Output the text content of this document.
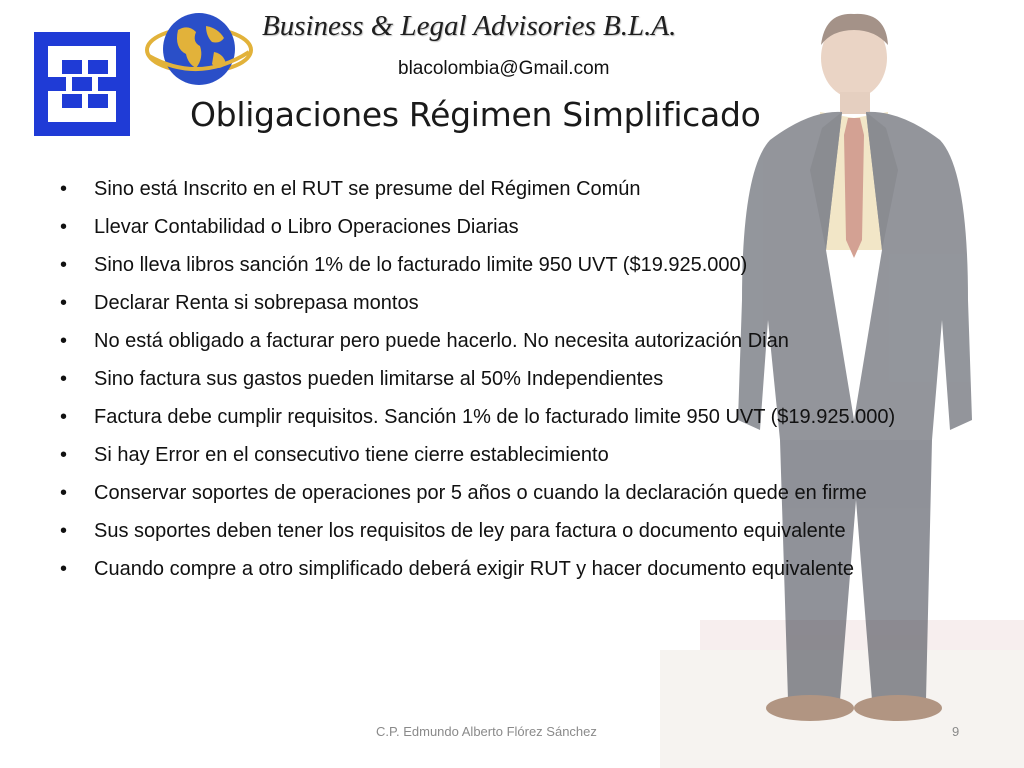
Business & Legal Advisories B.L.A.
blacolombia@Gmail.com
Obligaciones Régimen Simplificado
• Sino está Inscrito en el RUT se presume del Régimen Común
• Llevar Contabilidad o Libro Operaciones Diarias
• Sino lleva libros sanción 1% de lo facturado limite 950 UVT ($19.925.000)
• Declarar Renta si sobrepasa montos
• No está obligado a facturar pero puede hacerlo. No necesita autorización Dian
• Sino factura sus gastos pueden limitarse al 50% Independientes
• Factura debe cumplir requisitos. Sanción 1% de lo facturado limite 950 UVT ($19.925.000)
• Si hay Error en el consecutivo tiene cierre establecimiento
• Conservar soportes de operaciones por 5 años o cuando la declaración quede en firme
• Sus soportes deben tener los requisitos de ley para factura o documento equivalente
• Cuando compre a otro simplificado deberá exigir RUT y hacer documento equivalente
C.P. Edmundo Alberto Flórez Sánchez	9
